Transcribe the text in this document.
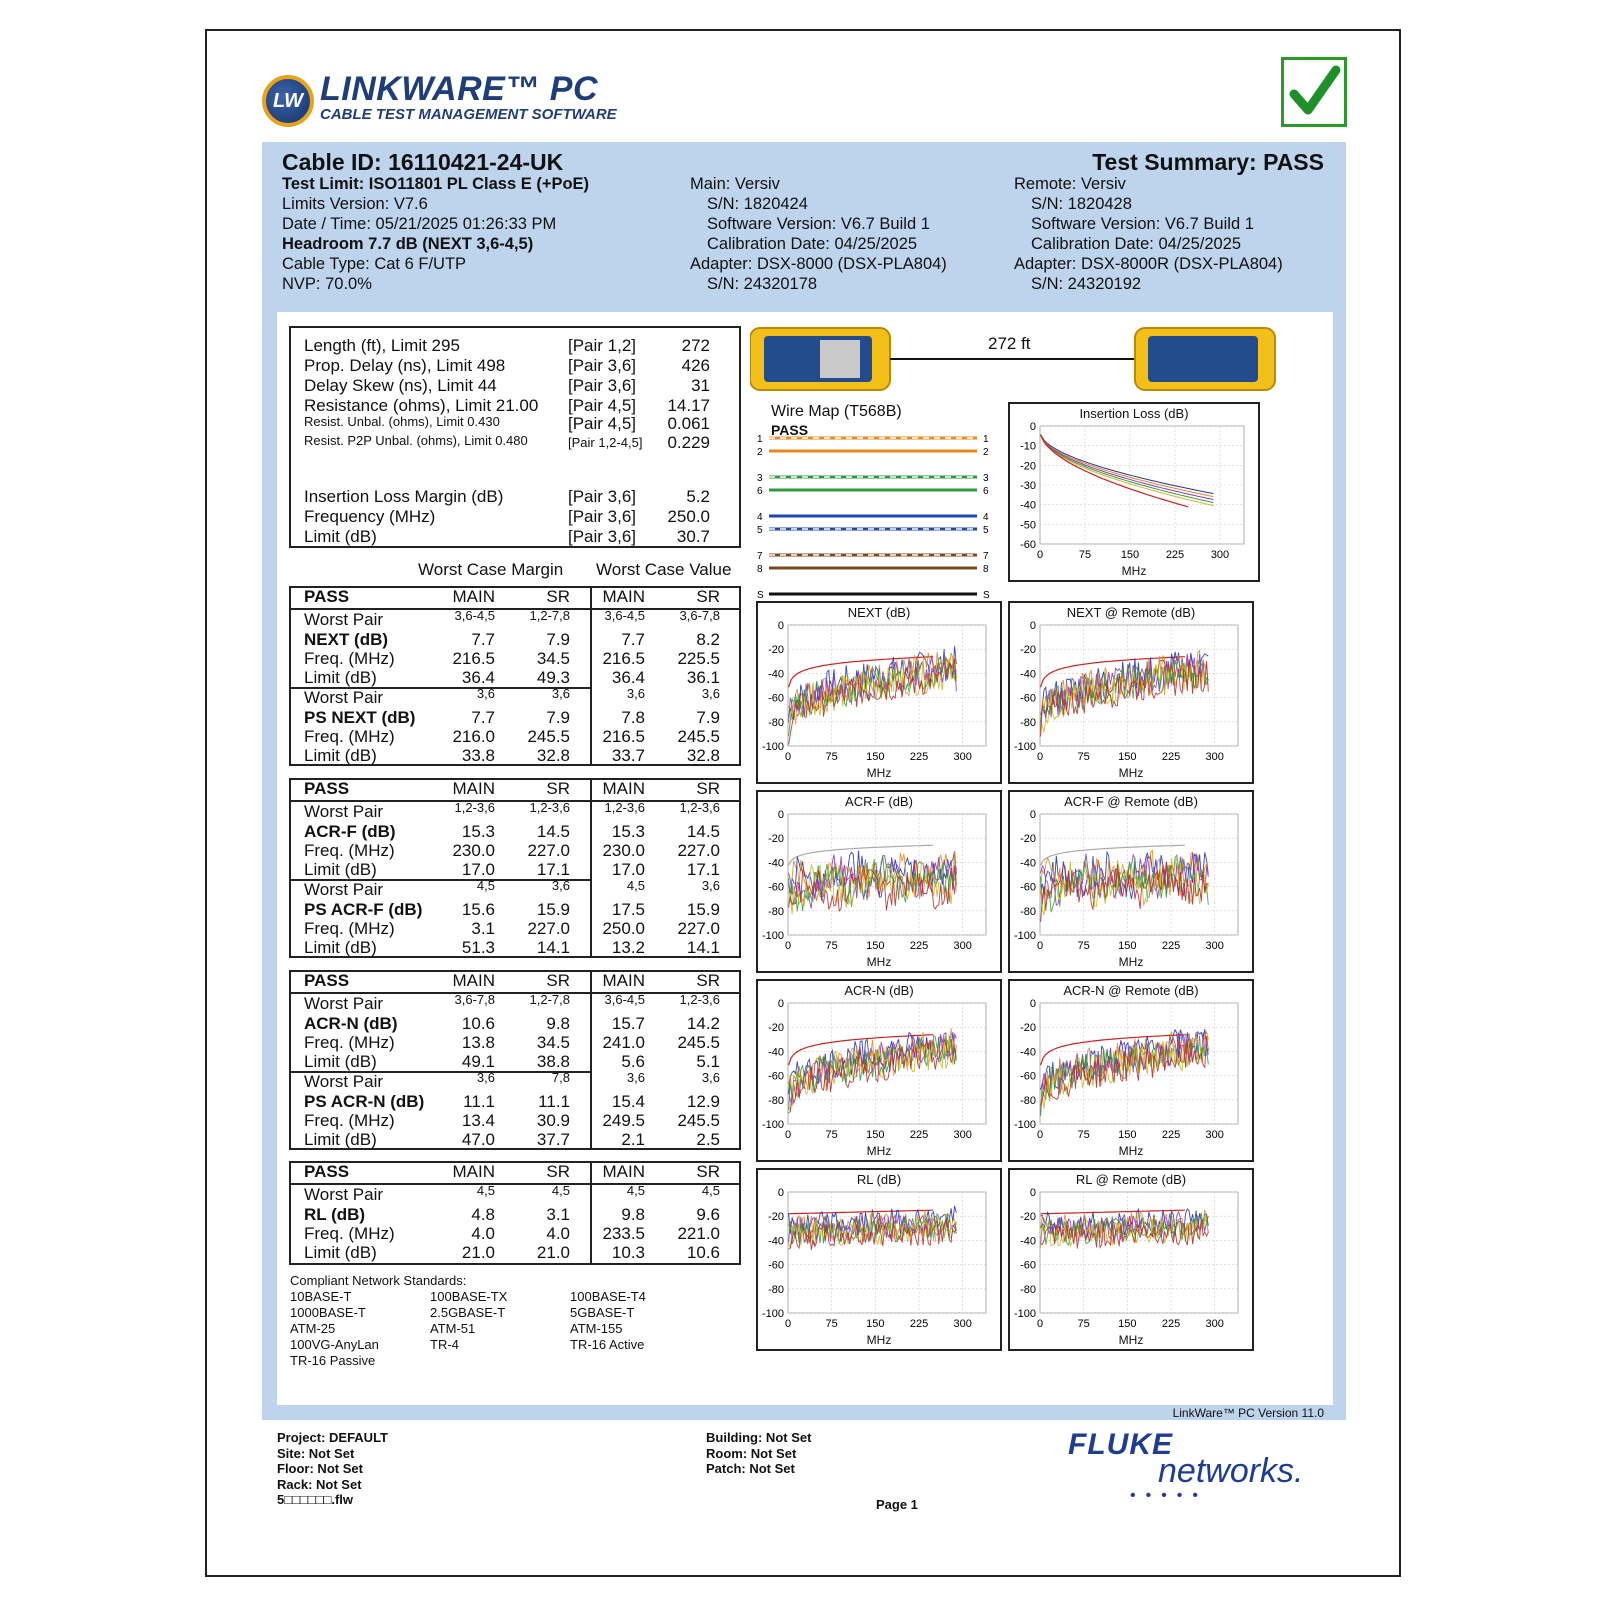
LW LINKWARE™ PC
CABLE TEST MANAGEMENT SOFTWARE
Cable ID: 16110421-24-UK	Test Summary: PASS
Test Limit: ISO11801 PL Class E (+PoE)
Limits Version: V7.6
Date / Time: 05/21/2025 01:26:33 PM
Headroom 7.7 dB (NEXT 3,6-4,5)
Cable Type: Cat 6 F/UTP
NVP: 70.0%
Main: Versiv
S/N: 1820424
Software Version: V6.7 Build 1
Calibration Date: 04/25/2025
Adapter: DSX-8000 (DSX-PLA804)
S/N: 24320178
Remote: Versiv
S/N: 1820428
Software Version: V6.7 Build 1
Calibration Date: 04/25/2025
Adapter: DSX-8000R (DSX-PLA804)
S/N: 24320192
Worst Case Margin Worst Case Value
Compliant Network Standards:
1	1
2	2
3	3
6	6
4	4
5	5
7	7
8	8
S	S
LinkWare™ PC Version 11.0
Page 1
FLUKE
networks.
•••••
Length (ft), Limit 295	[Pair 1,2]	272
Prop. Delay (ns), Limit 498	[Pair 3,6]	426
Delay Skew (ns), Limit 44	[Pair 3,6]	31
Resistance (ohms), Limit 21.00 [Pair 4,5]	14.17
Resist. Unbal. (ohms), Limit 0.430	[Pair 4,5]	0.061
Resist. P2P Unbal. (ohms), Limit 0.480	[Pair 1,2-4,5]	0.229
Insertion Loss Margin (dB)	[Pair 3,6]	5.2
Frequency (MHz)	[Pair 3,6]	250.0
Limit (dB)	[Pair 3,6]	30.7
PASS	MAIN	SR	MAIN	SR
Worst Pair	3,6-4,5	1,2-7,8	3,6-4,5	3,6-7,8
NEXT (dB)	7.7	7.9	7.7	8.2
Freq. (MHz)	216.5	34.5	216.5	225.5
Limit (dB)	36.4	49.3	36.4	36.1
Worst Pair	3,6	3,6	3,6	3,6
PS NEXT (dB)	7.7	7.9	7.8	7.9
Freq. (MHz)	216.0	245.5	216.5	245.5
Limit (dB)	33.8	32.8	33.7	32.8
PASS	MAIN	SR	MAIN	SR
Worst Pair	1,2-3,6	1,2-3,6	1,2-3,6	1,2-3,6
ACR-F (dB)	15.3	14.5	15.3	14.5
Freq. (MHz)	230.0	227.0	230.0	227.0
Limit (dB)	17.0	17.1	17.0	17.1
Worst Pair	4,5	3,6	4,5	3,6
PS ACR-F (dB)	15.6	15.9	17.5	15.9
Freq. (MHz)	3.1	227.0	250.0	227.0
Limit (dB)	51.3	14.1	13.2	14.1
PASS	MAIN	SR	MAIN	SR
Worst Pair	3,6-7,8	1,2-7,8	3,6-4,5	1,2-3,6
ACR-N (dB)	10.6	9.8	15.7	14.2
Freq. (MHz)	13.8	34.5	241.0	245.5
Limit (dB)	49.1	38.8	5.6	5.1
Worst Pair	3,6	7,8	3,6	3,6
PS ACR-N (dB)	11.1	11.1	15.4	12.9
Freq. (MHz)	13.4	30.9	249.5	245.5
Limit (dB)	47.0	37.7	2.1	2.5
PASS	MAIN	SR	MAIN	SR
Worst Pair	4,5	4,5	4,5	4,5
RL (dB)	4.8	3.1	9.8	9.6
Freq. (MHz)	4.0	4.0	233.5	221.0
Limit (dB)	21.0	21.0	10.3	10.6
10BASE-T	100BASE-TX	100BASE-T4
1000BASE-T	2.5GBASE-T	5GBASE-T
ATM-25	ATM-51	ATM-155
100VG-AnyLan	TR-4	TR-16 Active
TR-16 Passive
272 ft
Wire Map (T568B)
PASS
Insertion Loss (dB)
MHz
0
-10
-20
-30
-40
-50
-60
0	75	150 225 300
NEXT (dB)
MHz
0
-20
-40
-60
-80
-100
0	75	150 225 300
NEXT @ Remote (dB)
MHz
0
-20
-40
-60
-80
-100
0	75	150 225 300
ACR-F (dB)
MHz
0
-20
-40
-60
-80
-100
0	75	150 225 300
ACR-F @ Remote (dB)
MHz
0
-20
-40
-60
-80
-100
0	75	150 225 300
ACR-N (dB)
MHz
0
-20
-40
-60
-80
-100
0	75	150 225 300
ACR-N @ Remote (dB)
MHz
0
-20
-40
-60
-80
-100
0	75	150 225 300
RL (dB)
MHz
0
-20
-40
-60
-80
-100
0	75	150 225 300
RL @ Remote (dB)
MHz
0
-20
-40
-60
-80
-100
0	75	150 225 300
Project: DEFAULT
Site: Not Set
Floor: Not Set
Rack: Not Set
5□□□□□□.flw
Building: Not Set
Room: Not Set
Patch: Not Set
